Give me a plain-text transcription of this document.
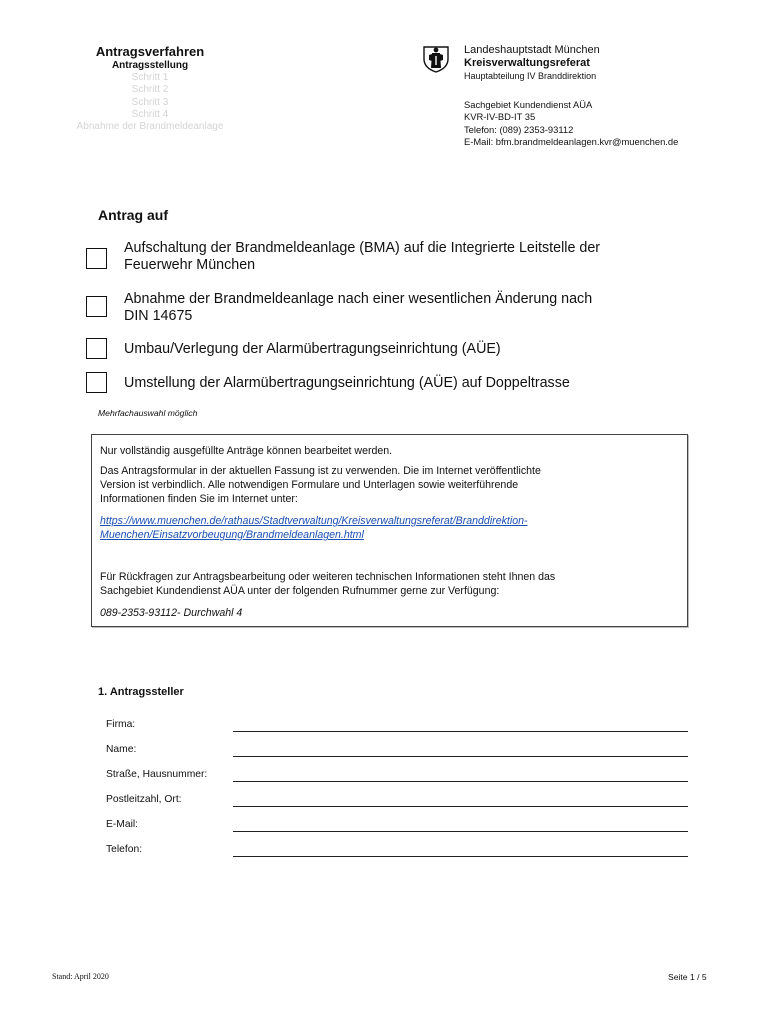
Antragsverfahren
Antragsstellung
Schritt 1
Schritt 2
Schritt 3
Schritt 4
Abnahme der Brandmeldeanlage
Landeshauptstadt München
Kreisverwaltungsreferat
Hauptabteilung IV Branddirektion
Sachgebiet Kundendienst AÜA
KVR-IV-BD-IT 35
Telefon: (089) 2353-93112
E-Mail: bfm.brandmeldeanlagen.kvr@muenchen.de
Antrag auf
Aufschaltung der Brandmeldeanlage (BMA) auf die Integrierte Leitstelle der
Feuerwehr München
Abnahme der Brandmeldeanlage nach einer wesentlichen Änderung nach
DIN 14675
Umbau/Verlegung der Alarmübertragungseinrichtung (AÜE)
Umstellung der Alarmübertragungseinrichtung (AÜE) auf Doppeltrasse
Mehrfachauswahl möglich
Nur vollständig ausgefüllte Anträge können bearbeitet werden.
Das Antragsformular in der aktuellen Fassung ist zu verwenden. Die im Internet veröffentlichte
Version ist verbindlich. Alle notwendigen Formulare und Unterlagen sowie weiterführende
Informationen finden Sie im Internet unter:
https://www.muenchen.de/rathaus/Stadtverwaltung/Kreisverwaltungsreferat/Branddirektion-
Muenchen/Einsatzvorbeugung/Brandmeldeanlagen.html
Für Rückfragen zur Antragsbearbeitung oder weiteren technischen Informationen steht Ihnen das
Sachgebiet Kundendienst AÜA unter der folgenden Rufnummer gerne zur Verfügung:
089-2353-93112- Durchwahl 4
1. Antragssteller
Firma:
Name:
Straße, Hausnummer:
Postleitzahl, Ort:
E-Mail:
Telefon:
Stand: April 2020	Seite 1 / 5
